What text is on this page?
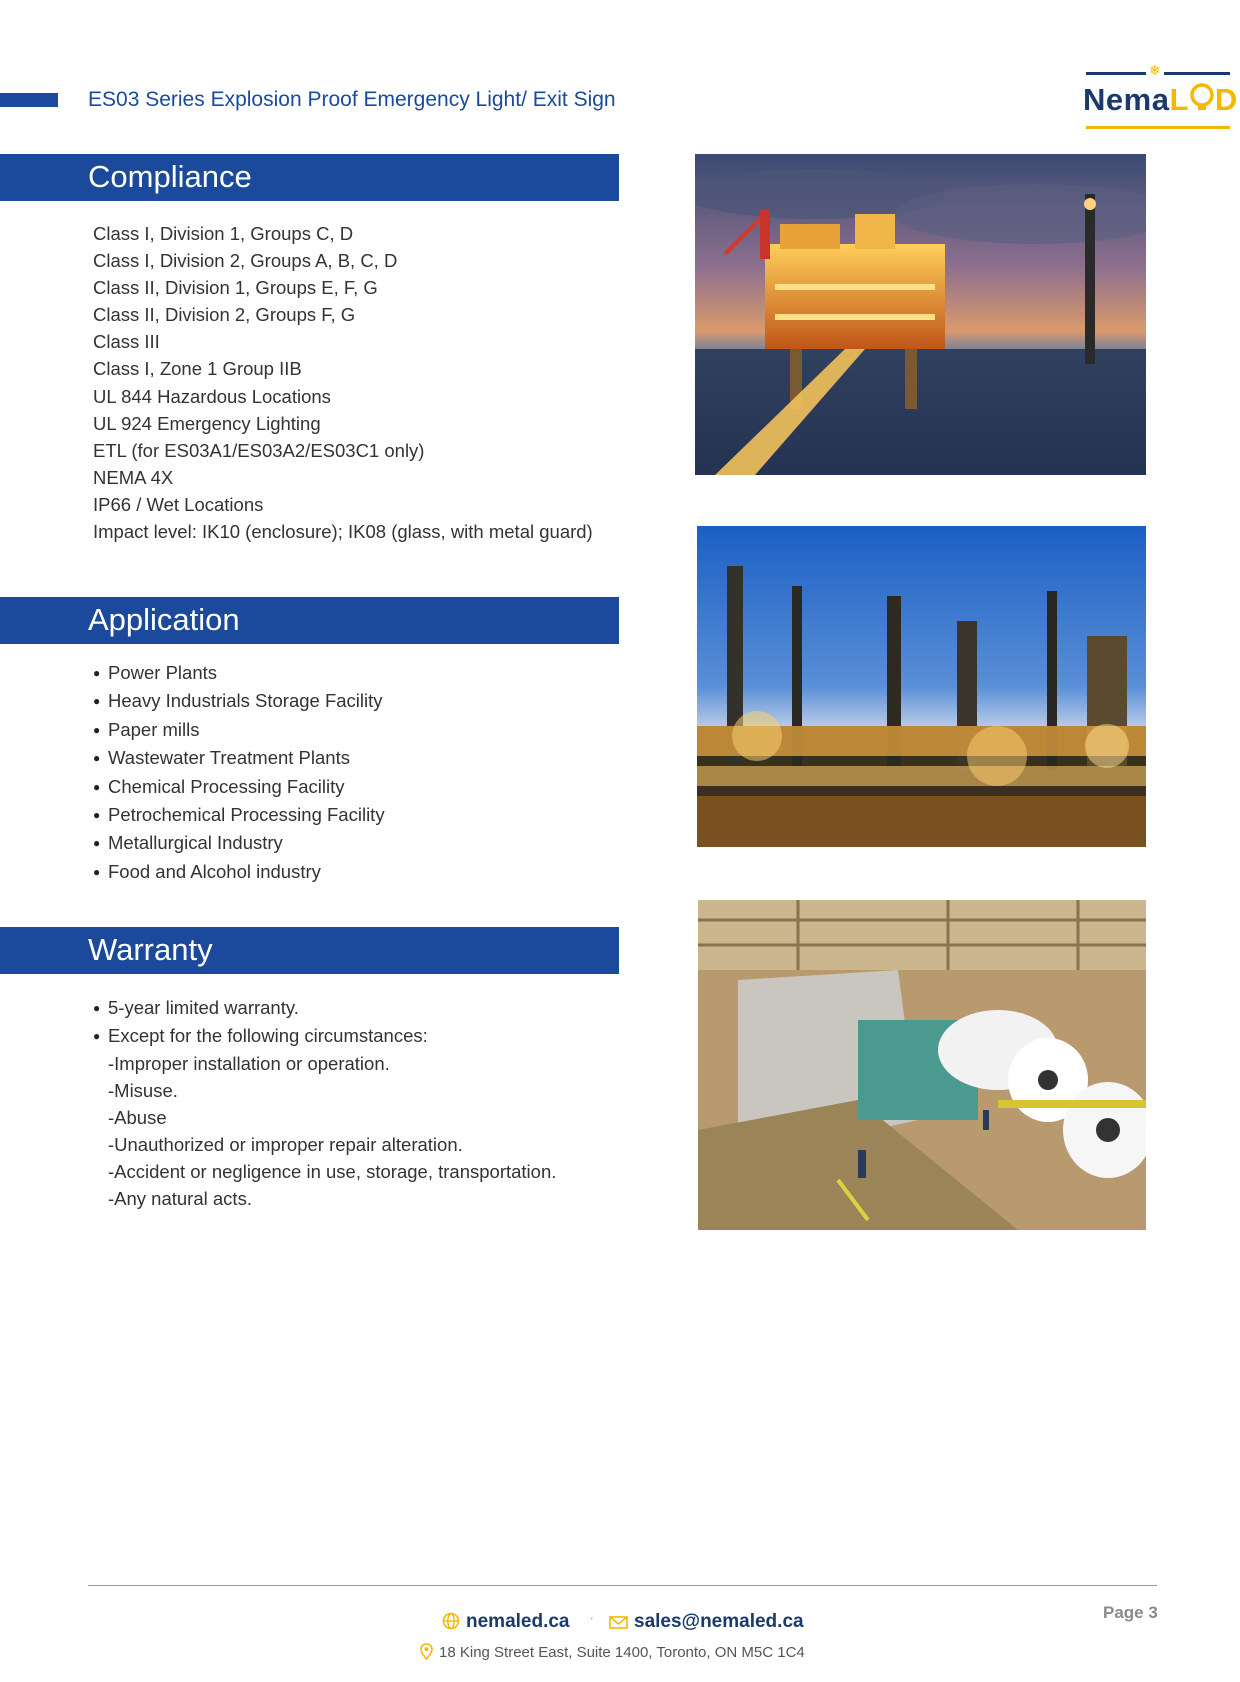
ES03 Series Explosion Proof Emergency Light/ Exit Sign
❄
NemaL D
Compliance
Class I, Division 1, Groups C, D
Class I, Division 2, Groups A, B, C, D
Class II, Division 1, Groups E, F, G
Class II, Division 2, Groups F, G
Class III
Class I, Zone 1 Group IIB
UL 844 Hazardous Locations
UL 924 Emergency Lighting
ETL (for ES03A1/ES03A2/ES03C1 only)
NEMA 4X
IP66 / Wet Locations
Impact level: IK10 (enclosure); IK08 (glass, with metal guard)
Application
● Power Plants
● Heavy Industrials Storage Facility
● Paper mills
● Wastewater Treatment Plants
● Chemical Processing Facility
● Petrochemical Processing Facility
● Metallurgical Industry
● Food and Alcohol industry
Warranty
● 5-year limited warranty.
● Except for the following circumstances:
-Improper installation or operation.
-Misuse.
-Abuse
-Unauthorized or improper repair alteration.
-Accident or negligence in use, storage, transportation.
-Any natural acts.
Page 3
nemaled.ca ·	sales@nemaled.ca
18 King Street East, Suite 1400, Toronto, ON M5C 1C4
